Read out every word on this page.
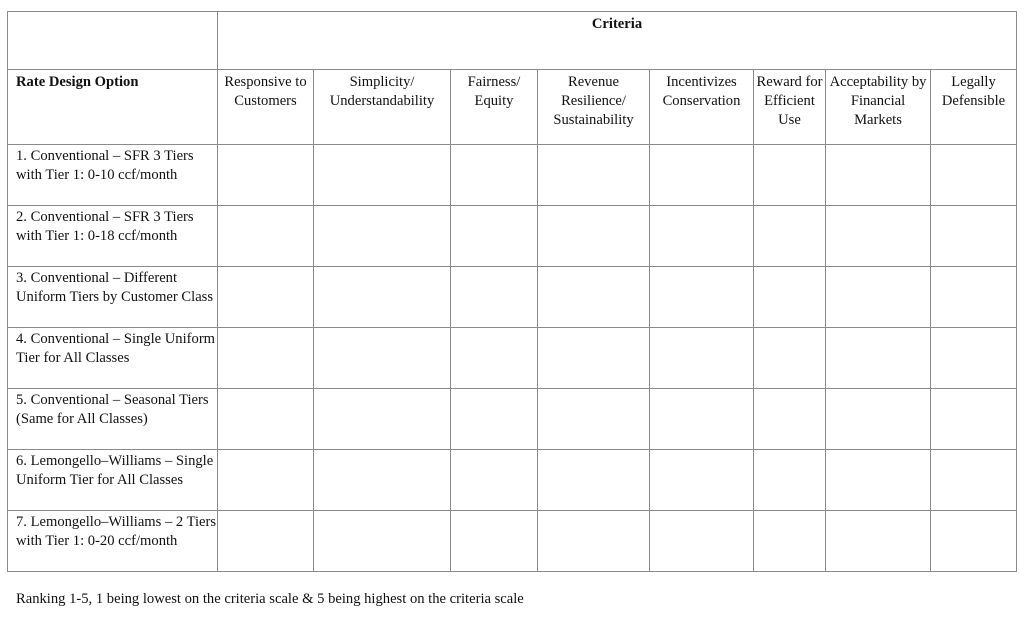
	Criteria							
Rate Design Option	Responsive to Customers	Simplicity/ Understandability	Fairness/ Equity	Revenue Resilience/ Sustainability	Incentivizes Conservation	Reward for Efficient Use	Acceptability by Financial Markets	Legally Defensible
1. Conventional – SFR 3 Tiers with Tier 1: 0-10 ccf/month								
2. Conventional – SFR 3 Tiers with Tier 1: 0-18 ccf/month								
3. Conventional – Different Uniform Tiers by Customer Class								
4. Conventional – Single Uniform Tier for All Classes								
5. Conventional – Seasonal Tiers (Same for All Classes)								
6. Lemongello–Williams – Single Uniform Tier for All Classes								
7. Lemongello–Williams – 2 Tiers with Tier 1: 0-20 ccf/month								
Ranking 1-5, 1 being lowest on the criteria scale & 5 being highest on the criteria scale
